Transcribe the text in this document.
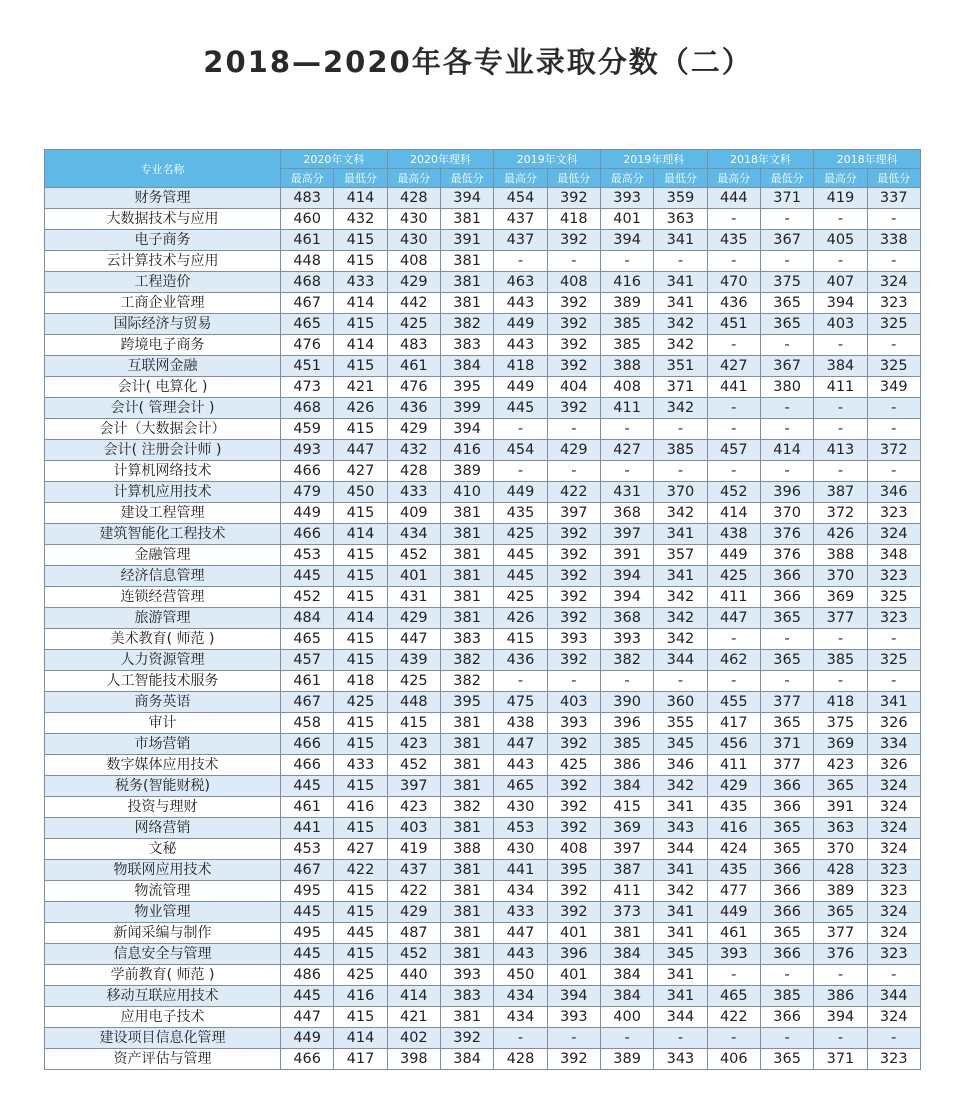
2018—2020年各专业录取分数（二）
专业名称	2020年文科		2020年理科		2019年文科		2019年理科		2018年文科		2018年理科	
	最高分	最低分	最高分	最低分	最高分	最低分	最高分	最低分	最高分	最低分	最高分	最低分
财务管理	483	414	428	394	454	392	393	359	444	371	419	337
大数据技术与应用	460	432	430	381	437	418	401	363	-	-	-	-
电子商务	461	415	430	391	437	392	394	341	435	367	405	338
云计算技术与应用	448	415	408	381	-	-	-	-	-	-	-	-
工程造价	468	433	429	381	463	408	416	341	470	375	407	324
工商企业管理	467	414	442	381	443	392	389	341	436	365	394	323
国际经济与贸易	465	415	425	382	449	392	385	342	451	365	403	325
跨境电子商务	476	414	483	383	443	392	385	342	-	-	-	-
互联网金融	451	415	461	384	418	392	388	351	427	367	384	325
会计( 电算化 )	473	421	476	395	449	404	408	371	441	380	411	349
会计( 管理会计 )	468	426	436	399	445	392	411	342	-	-	-	-
会计（大数据会计）	459	415	429	394	-	-	-	-	-	-	-	-
会计( 注册会计师 )	493	447	432	416	454	429	427	385	457	414	413	372
计算机网络技术	466	427	428	389	-	-	-	-	-	-	-	-
计算机应用技术	479	450	433	410	449	422	431	370	452	396	387	346
建设工程管理	449	415	409	381	435	397	368	342	414	370	372	323
建筑智能化工程技术	466	414	434	381	425	392	397	341	438	376	426	324
金融管理	453	415	452	381	445	392	391	357	449	376	388	348
经济信息管理	445	415	401	381	445	392	394	341	425	366	370	323
连锁经营管理	452	415	431	381	425	392	394	342	411	366	369	325
旅游管理	484	414	429	381	426	392	368	342	447	365	377	323
美术教育( 师范 )	465	415	447	383	415	393	393	342	-	-	-	-
人力资源管理	457	415	439	382	436	392	382	344	462	365	385	325
人工智能技术服务	461	418	425	382	-	-	-	-	-	-	-	-
商务英语	467	425	448	395	475	403	390	360	455	377	418	341
审计	458	415	415	381	438	393	396	355	417	365	375	326
市场营销	466	415	423	381	447	392	385	345	456	371	369	334
数字媒体应用技术	466	433	452	381	443	425	386	346	411	377	423	326
税务(智能财税)	445	415	397	381	465	392	384	342	429	366	365	324
投资与理财	461	416	423	382	430	392	415	341	435	366	391	324
网络营销	441	415	403	381	453	392	369	343	416	365	363	324
文秘	453	427	419	388	430	408	397	344	424	365	370	324
物联网应用技术	467	422	437	381	441	395	387	341	435	366	428	323
物流管理	495	415	422	381	434	392	411	342	477	366	389	323
物业管理	445	415	429	381	433	392	373	341	449	366	365	324
新闻采编与制作	495	445	487	381	447	401	381	341	461	365	377	324
信息安全与管理	445	415	452	381	443	396	384	345	393	366	376	323
学前教育( 师范 )	486	425	440	393	450	401	384	341	-	-	-	-
移动互联应用技术	445	416	414	383	434	394	384	341	465	385	386	344
应用电子技术	447	415	421	381	434	393	400	344	422	366	394	324
建设项目信息化管理	449	414	402	392	-	-	-	-	-	-	-	-
资产评估与管理	466	417	398	384	428	392	389	343	406	365	371	323
